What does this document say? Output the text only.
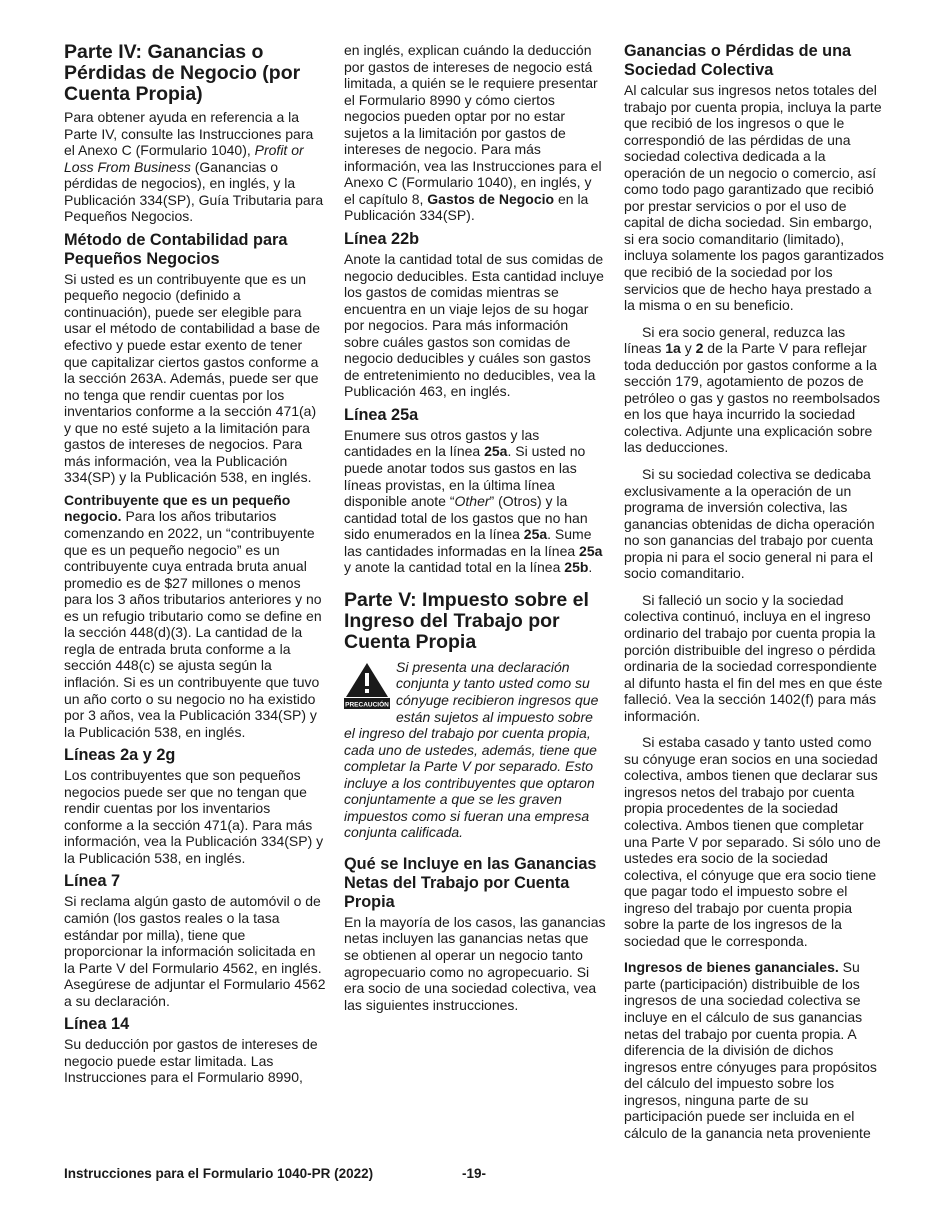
Parte IV: Ganancias o Pérdidas de Negocio (por Cuenta Propia)

Para obtener ayuda en referencia a la Parte IV, consulte las Instrucciones para el Anexo C (Formulario 1040), Profit or Loss From Business (Ganancias o pérdidas de negocios), en inglés, y la Publicación 334(SP), Guía Tributaria para Pequeños Negocios.

Método de Contabilidad para Pequeños Negocios

Si usted es un contribuyente que es un pequeño negocio (definido a continuación), puede ser elegible para usar el método de contabilidad a base de efectivo y puede estar exento de tener que capitalizar ciertos gastos conforme a la sección 263A. Además, puede ser que no tenga que rendir cuentas por los inventarios conforme a la sección 471(a) y que no esté sujeto a la limitación para gastos de intereses de negocios. Para más información, vea la Publicación 334(SP) y la Publicación 538, en inglés.

Contribuyente que es un pequeño negocio. Para los años tributarios comenzando en 2022, un “contribuyente que es un pequeño negocio” es un contribuyente cuya entrada bruta anual promedio es de $27 millones o menos para los 3 años tributarios anteriores y no es un refugio tributario como se define en la sección 448(d)(3). La cantidad de la regla de entrada bruta conforme a la sección 448(c) se ajusta según la inflación. Si es un contribuyente que tuvo un año corto o su negocio no ha existido por 3 años, vea la Publicación 334(SP) y la Publicación 538, en inglés.

Líneas 2a y 2g

Los contribuyentes que son pequeños negocios puede ser que no tengan que rendir cuentas por los inventarios conforme a la sección 471(a). Para más información, vea la Publicación 334(SP) y la Publicación 538, en inglés.

Línea 7

Si reclama algún gasto de automóvil o de camión (los gastos reales o la tasa estándar por milla), tiene que proporcionar la información solicitada en la Parte V del Formulario 4562, en inglés. Asegúrese de adjuntar el Formulario 4562 a su declaración.

Línea 14

Su deducción por gastos de intereses de negocio puede estar limitada. Las Instrucciones para el Formulario 8990,

en inglés, explican cuándo la deducción por gastos de intereses de negocio está limitada, a quién se le requiere presentar el Formulario 8990 y cómo ciertos negocios pueden optar por no estar sujetos a la limitación por gastos de intereses de negocio. Para más información, vea las Instrucciones para el Anexo C (Formulario 1040), en inglés, y el capítulo 8, Gastos de Negocio en la Publicación 334(SP).

Línea 22b

Anote la cantidad total de sus comidas de negocio deducibles. Esta cantidad incluye los gastos de comidas mientras se encuentra en un viaje lejos de su hogar por negocios. Para más información sobre cuáles gastos son comidas de negocio deducibles y cuáles son gastos de entretenimiento no deducibles, vea la Publicación 463, en inglés.

Línea 25a

Enumere sus otros gastos y las cantidades en la línea 25a. Si usted no puede anotar todos sus gastos en las líneas provistas, en la última línea disponible anote “Other” (Otros) y la cantidad total de los gastos que no han sido enumerados en la línea 25a. Sume las cantidades informadas en la línea 25a y anote la cantidad total en la línea 25b.

Parte V: Impuesto sobre el Ingreso del Trabajo por Cuenta Propia
PRECAUCIÓN
Si presenta una declaración conjunta y tanto usted como su cónyuge recibieron ingresos que están sujetos al impuesto sobre el ingreso del trabajo por cuenta propia, cada uno de ustedes, además, tiene que completar la Parte V por separado. Esto incluye a los contribuyentes que optaron conjuntamente a que se les graven impuestos como si fueran una empresa conjunta calificada.
Qué se Incluye en las Ganancias Netas del Trabajo por Cuenta Propia

En la mayoría de los casos, las ganancias netas incluyen las ganancias netas que se obtienen al operar un negocio tanto agropecuario como no agropecuario. Si era socio de una sociedad colectiva, vea las siguientes instrucciones.

Ganancias o Pérdidas de una Sociedad Colectiva

Al calcular sus ingresos netos totales del trabajo por cuenta propia, incluya la parte que recibió de los ingresos o que le correspondió de las pérdidas de una sociedad colectiva dedicada a la operación de un negocio o comercio, así como todo pago garantizado que recibió por prestar servicios o por el uso de capital de dicha sociedad. Sin embargo, si era socio comanditario (limitado), incluya solamente los pagos garantizados que recibió de la sociedad por los servicios que de hecho haya prestado a la misma o en su beneficio.

Si era socio general, reduzca las líneas 1a y 2 de la Parte V para reflejar toda deducción por gastos conforme a la sección 179, agotamiento de pozos de petróleo o gas y gastos no reembolsados en los que haya incurrido la sociedad colectiva. Adjunte una explicación sobre las deducciones.

Si su sociedad colectiva se dedicaba exclusivamente a la operación de un programa de inversión colectiva, las ganancias obtenidas de dicha operación no son ganancias del trabajo por cuenta propia ni para el socio general ni para el socio comanditario.

Si falleció un socio y la sociedad colectiva continuó, incluya en el ingreso ordinario del trabajo por cuenta propia la porción distribuible del ingreso o pérdida ordinaria de la sociedad correspondiente al difunto hasta el fin del mes en que éste falleció. Vea la sección 1402(f) para más información.

Si estaba casado y tanto usted como su cónyuge eran socios en una sociedad colectiva, ambos tienen que declarar sus ingresos netos del trabajo por cuenta propia procedentes de la sociedad colectiva. Ambos tienen que completar una Parte V por separado. Si sólo uno de ustedes era socio de la sociedad colectiva, el cónyuge que era socio tiene que pagar todo el impuesto sobre el ingreso del trabajo por cuenta propia sobre la parte de los ingresos de la sociedad que le corresponda.

Ingresos de bienes gananciales. Su parte (participación) distribuible de los ingresos de una sociedad colectiva se incluye en el cálculo de sus ganancias netas del trabajo por cuenta propia. A diferencia de la división de dichos ingresos entre cónyuges para propósitos del cálculo del impuesto sobre los ingresos, ninguna parte de su participación puede ser incluida en el cálculo de la ganancia neta proveniente

Instrucciones para el Formulario 1040-PR (2022)	-19-
